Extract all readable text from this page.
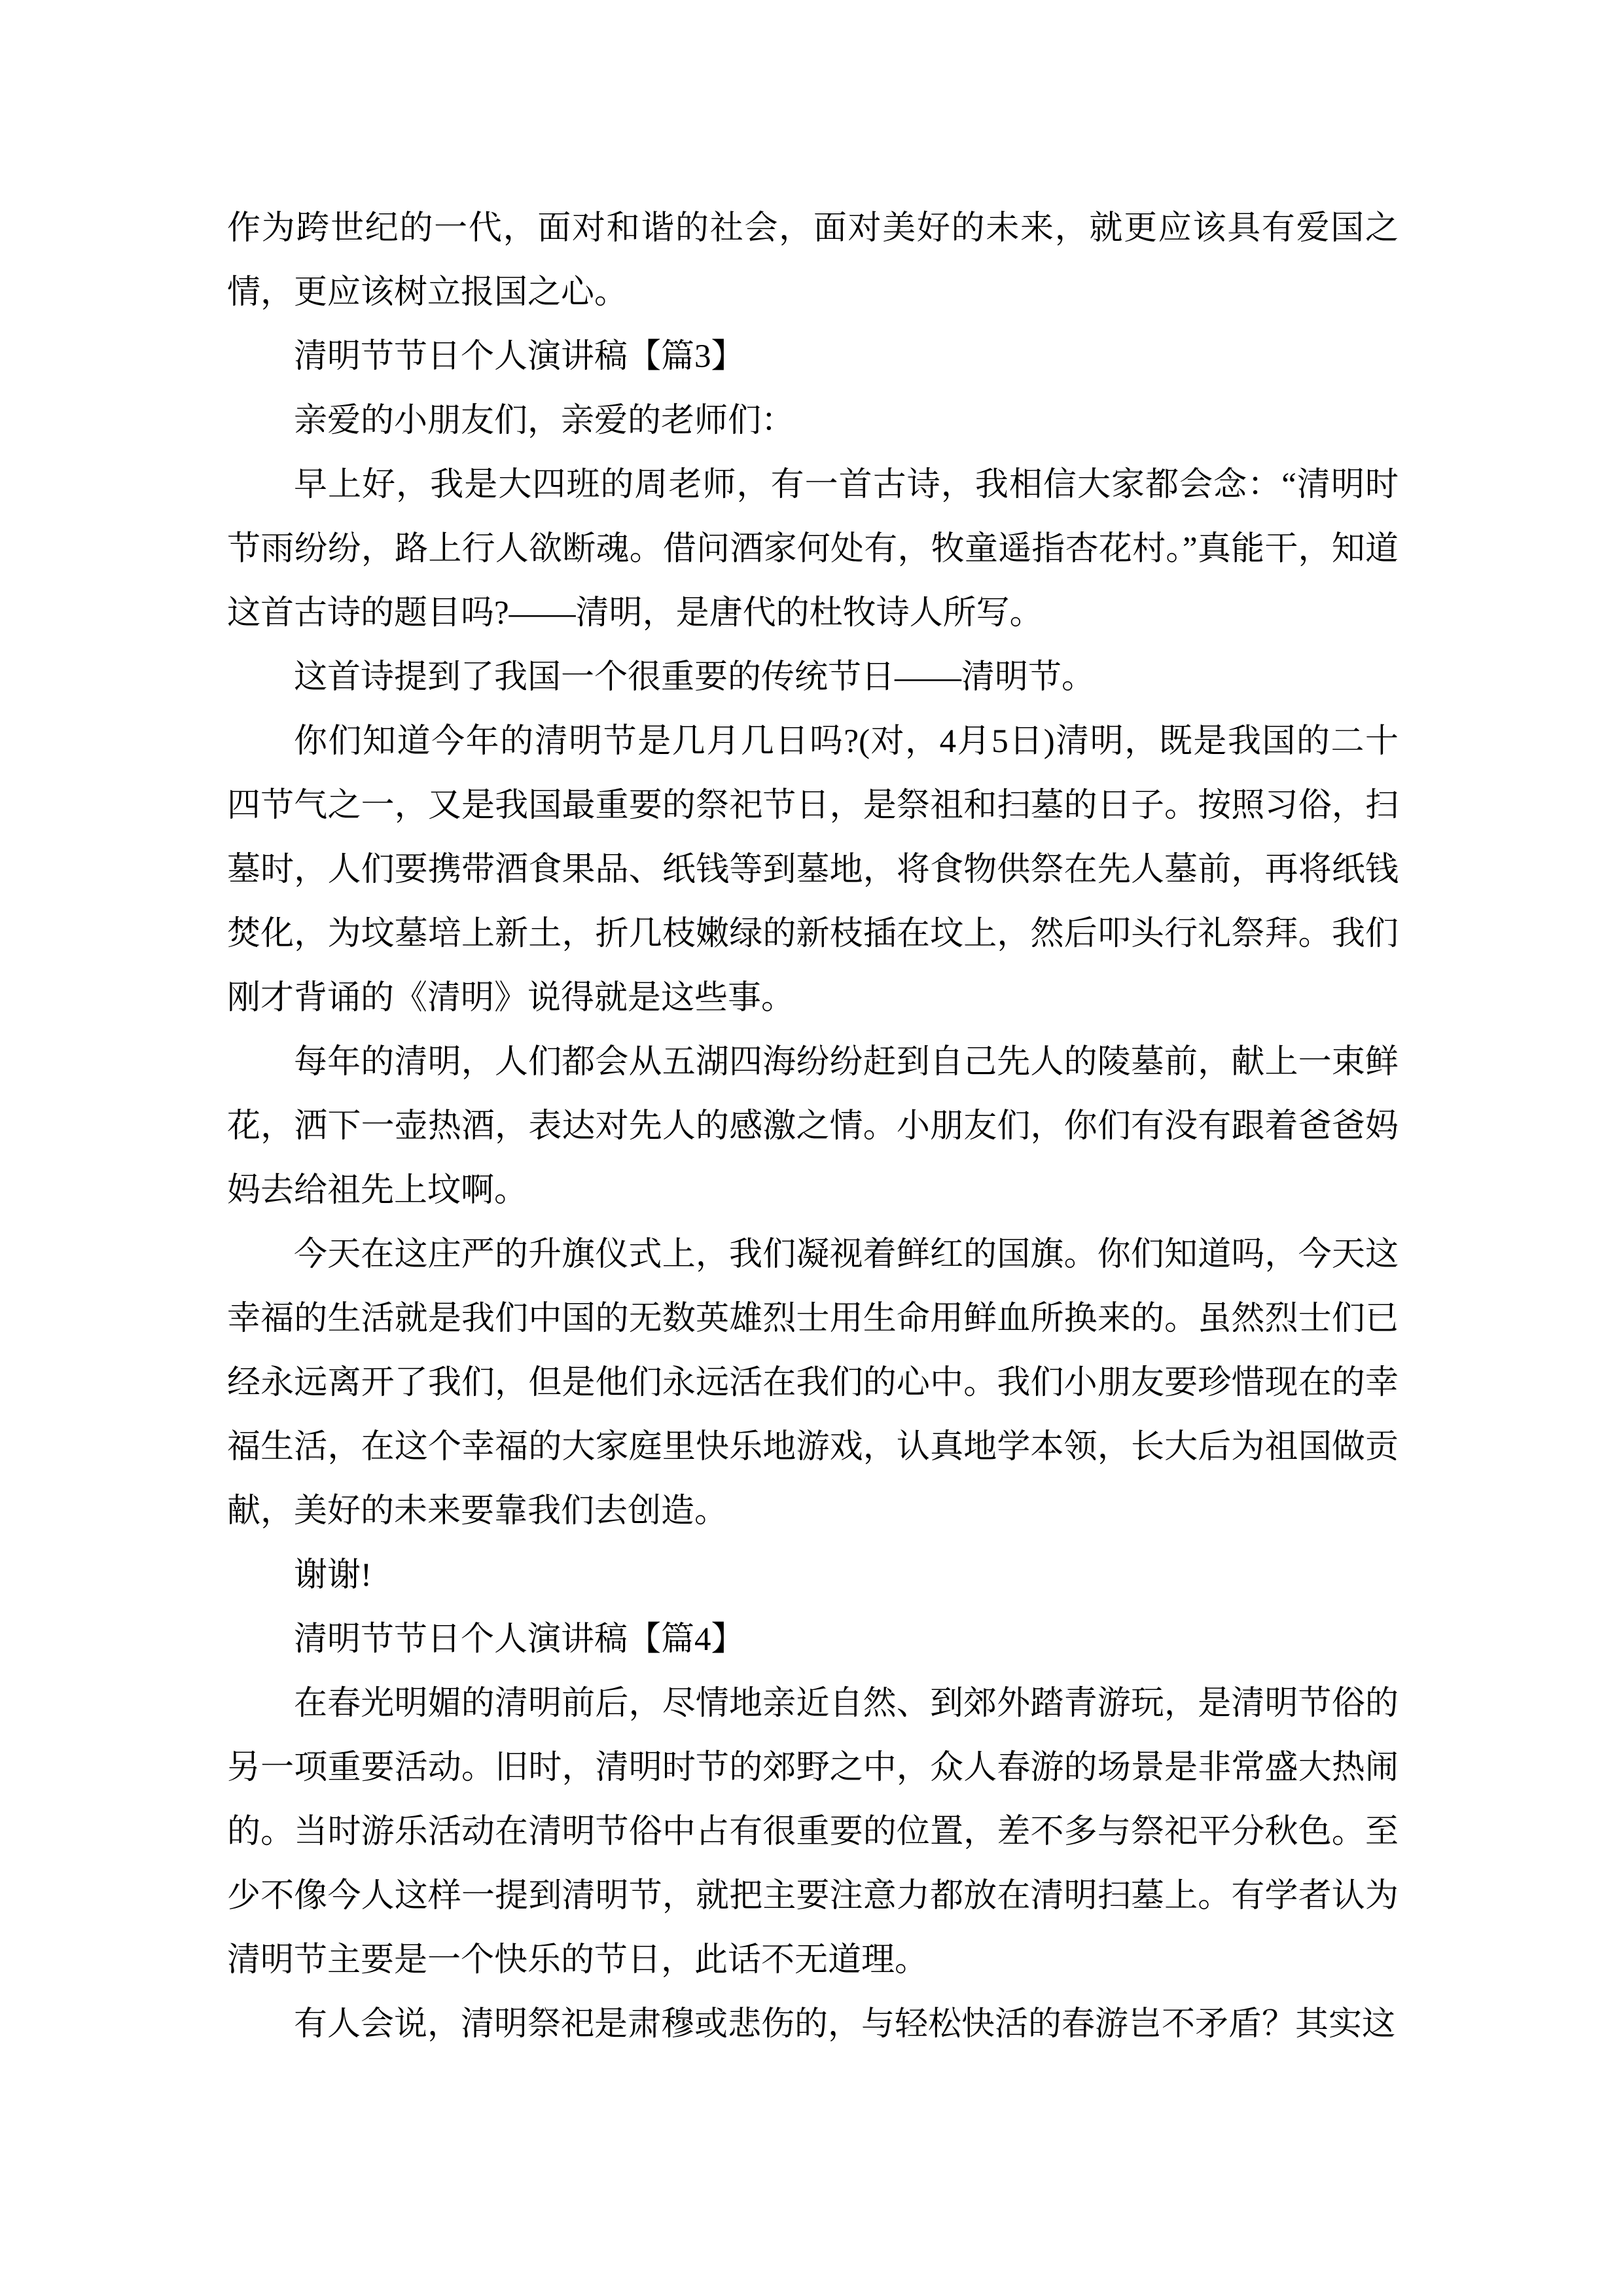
作为跨世纪的一代，面对和谐的社会，面对美好的未来，就更应该具有爱国之情，更应该树立报国之心。

清明节节日个人演讲稿【篇3】

亲爱的小朋友们，亲爱的老师们：

早上好，我是大四班的周老师，有一首古诗，我相信大家都会念：“清明时节雨纷纷，路上行人欲断魂。借问酒家何处有，牧童遥指杏花村。”真能干，知道这首古诗的题目吗?——清明，是唐代的杜牧诗人所写。

这首诗提到了我国一个很重要的传统节日——清明节。

你们知道今年的清明节是几月几日吗?(对，4月5日)清明，既是我国的二十四节气之一，又是我国最重要的祭祀节日，是祭祖和扫墓的日子。按照习俗，扫墓时，人们要携带酒食果品、纸钱等到墓地，将食物供祭在先人墓前，再将纸钱焚化，为坟墓培上新土，折几枝嫩绿的新枝插在坟上，然后叩头行礼祭拜。我们刚才背诵的《清明》说得就是这些事。

每年的清明，人们都会从五湖四海纷纷赶到自己先人的陵墓前，献上一束鲜花，洒下一壶热酒，表达对先人的感激之情。小朋友们，你们有没有跟着爸爸妈妈去给祖先上坟啊。

今天在这庄严的升旗仪式上，我们凝视着鲜红的国旗。你们知道吗，今天这幸福的生活就是我们中国的无数英雄烈士用生命用鲜血所换来的。虽然烈士们已经永远离开了我们，但是他们永远活在我们的心中。我们小朋友要珍惜现在的幸福生活，在这个幸福的大家庭里快乐地游戏，认真地学本领，长大后为祖国做贡献，美好的未来要靠我们去创造。

谢谢!

清明节节日个人演讲稿【篇4】

在春光明媚的清明前后，尽情地亲近自然、到郊外踏青游玩，是清明节俗的另一项重要活动。旧时，清明时节的郊野之中，众人春游的场景是非常盛大热闹的。当时游乐活动在清明节俗中占有很重要的位置，差不多与祭祀平分秋色。至少不像今人这样一提到清明节，就把主要注意力都放在清明扫墓上。有学者认为清明节主要是一个快乐的节日，此话不无道理。

有人会说，清明祭祀是肃穆或悲伤的，与轻松快活的春游岂不矛盾？其实这
